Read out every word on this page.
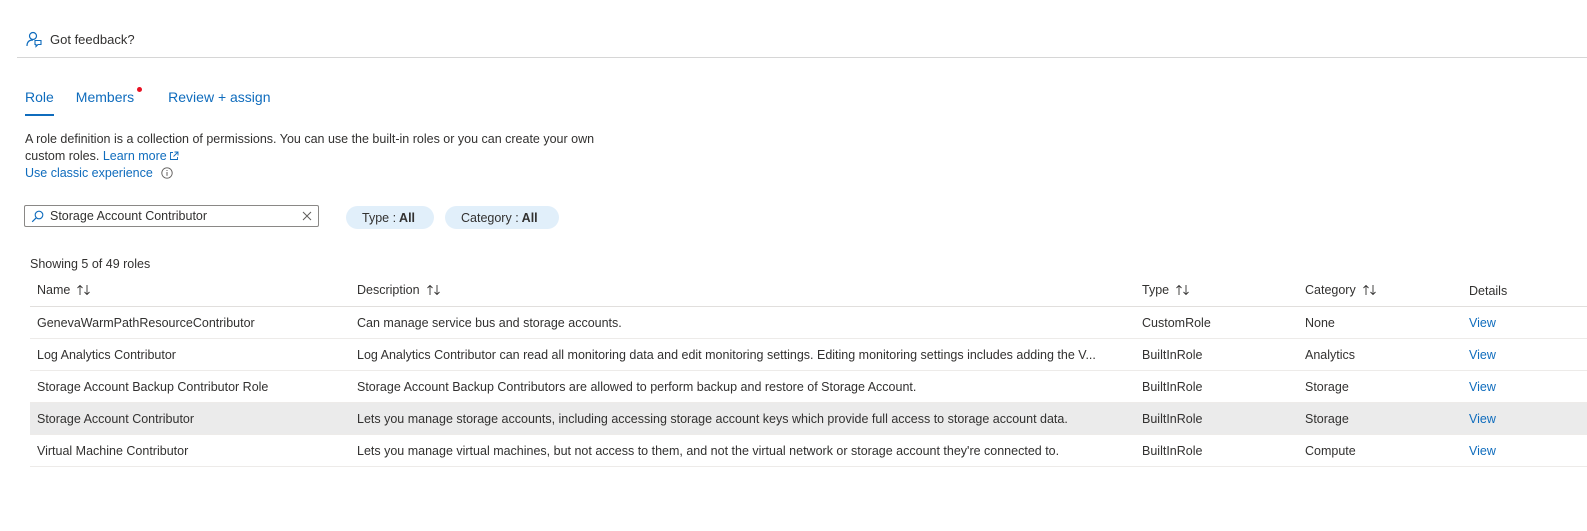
Got feedback?
Role Members Review + assign
A role definition is a collection of permissions. You can use the built-in roles or you can create your own custom roles. Learn more
Use classic experience
Storage Account Contributor
Type : All	Category : All
Showing 5 of 49 roles
Name	Description	Type	Category	Details
GenevaWarmPathResourceContributor	Can manage service bus and storage accounts.	CustomRole	None	View
Log Analytics Contributor	Log Analytics Contributor can read all monitoring data and edit monitoring settings. Editing monitoring settings includes adding the V...	BuiltInRole	Analytics	View
Storage Account Backup Contributor Role	Storage Account Backup Contributors are allowed to perform backup and restore of Storage Account.	BuiltInRole	Storage	View
Storage Account Contributor	Lets you manage storage accounts, including accessing storage account keys which provide full access to storage account data.	BuiltInRole	Storage	View
Virtual Machine Contributor	Lets you manage virtual machines, but not access to them, and not the virtual network or storage account they're connected to.	BuiltInRole	Compute	View
